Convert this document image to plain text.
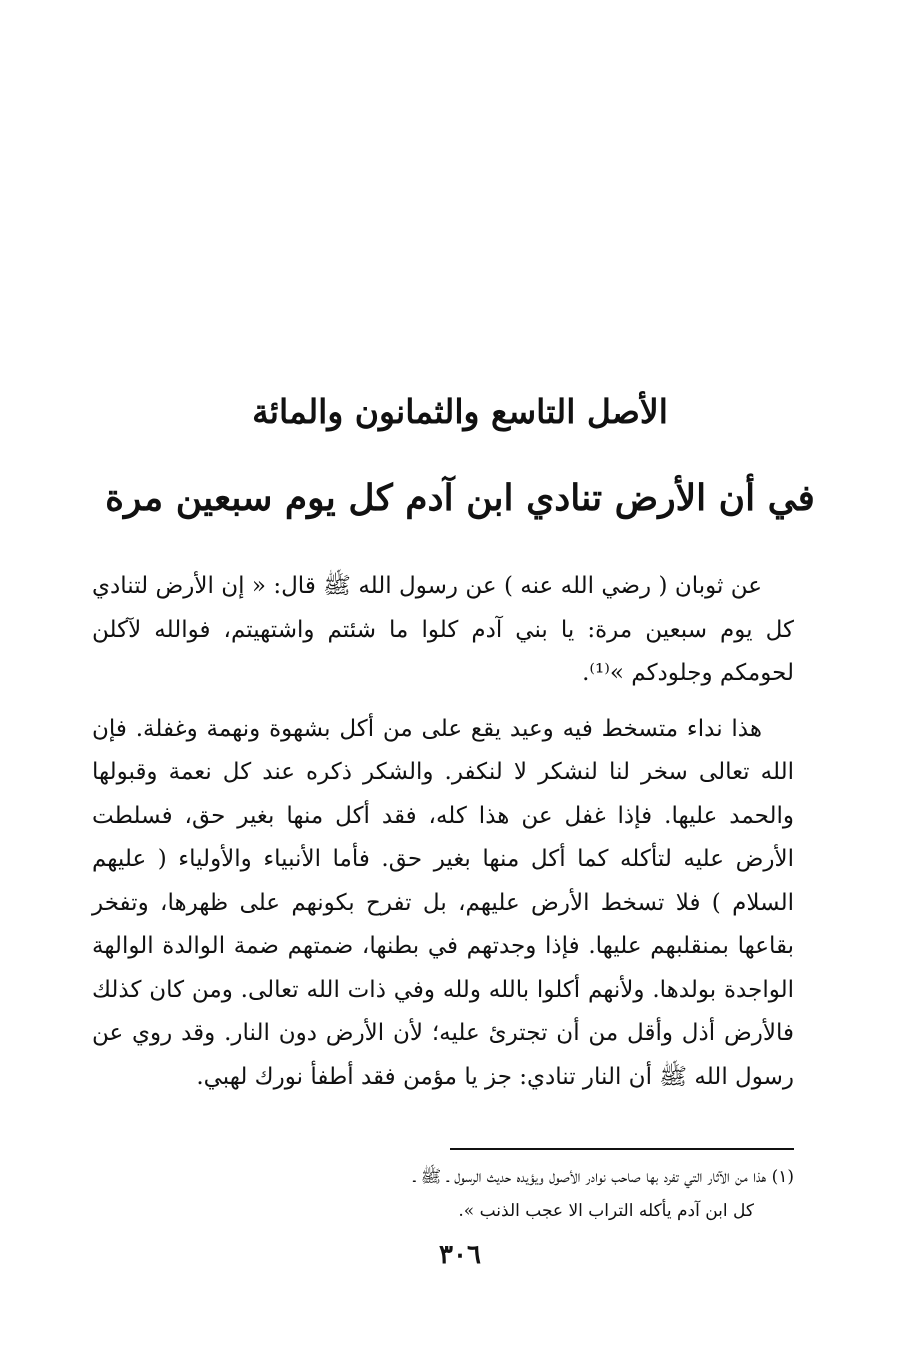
الأصل التاسع والثمانون والمائة
في أن الأرض تنادي ابن آدم كل يوم سبعين مرة

عن ثوبان ( رضي الله عنه ) عن رسول الله ﷺ قال: « إن الأرض لتنادي كل يوم سبعين مرة: يا بني آدم كلوا ما شئتم واشتهيتم، فوالله لآكلن لحومكم وجلودكم »⁽¹⁾.

هذا نداء متسخط فيه وعيد يقع على من أكل بشهوة ونهمة وغفلة. فإن الله تعالى سخر لنا لنشكر لا لنكفر. والشكر ذكره عند كل نعمة وقبولها والحمد عليها. فإذا غفل عن هذا كله، فقد أكل منها بغير حق، فسلطت الأرض عليه لتأكله كما أكل منها بغير حق. فأما الأنبياء والأولياء ( عليهم السلام ) فلا تسخط الأرض عليهم، بل تفرح بكونهم على ظهرها، وتفخر بقاعها بمنقلبهم عليها. فإذا وجدتهم في بطنها، ضمتهم ضمة الوالدة الوالهة الواجدة بولدها. ولأنهم أكلوا بالله ولله وفي ذات الله تعالى. ومن كان كذلك فالأرض أذل وأقل من أن تجترئ عليه؛ لأن الأرض دون النار. وقد روي عن رسول الله ﷺ أن النار تنادي: جز يا مؤمن فقد أطفأ نورك لهبي.

(١) هذا من الآثار التي تفرد بها صاحب نوادر الأصول ويؤيده حديث الرسول ـ ﷺ ـ
كل ابن آدم يأكله التراب الا عجب الذنب ».
٣٠٦
